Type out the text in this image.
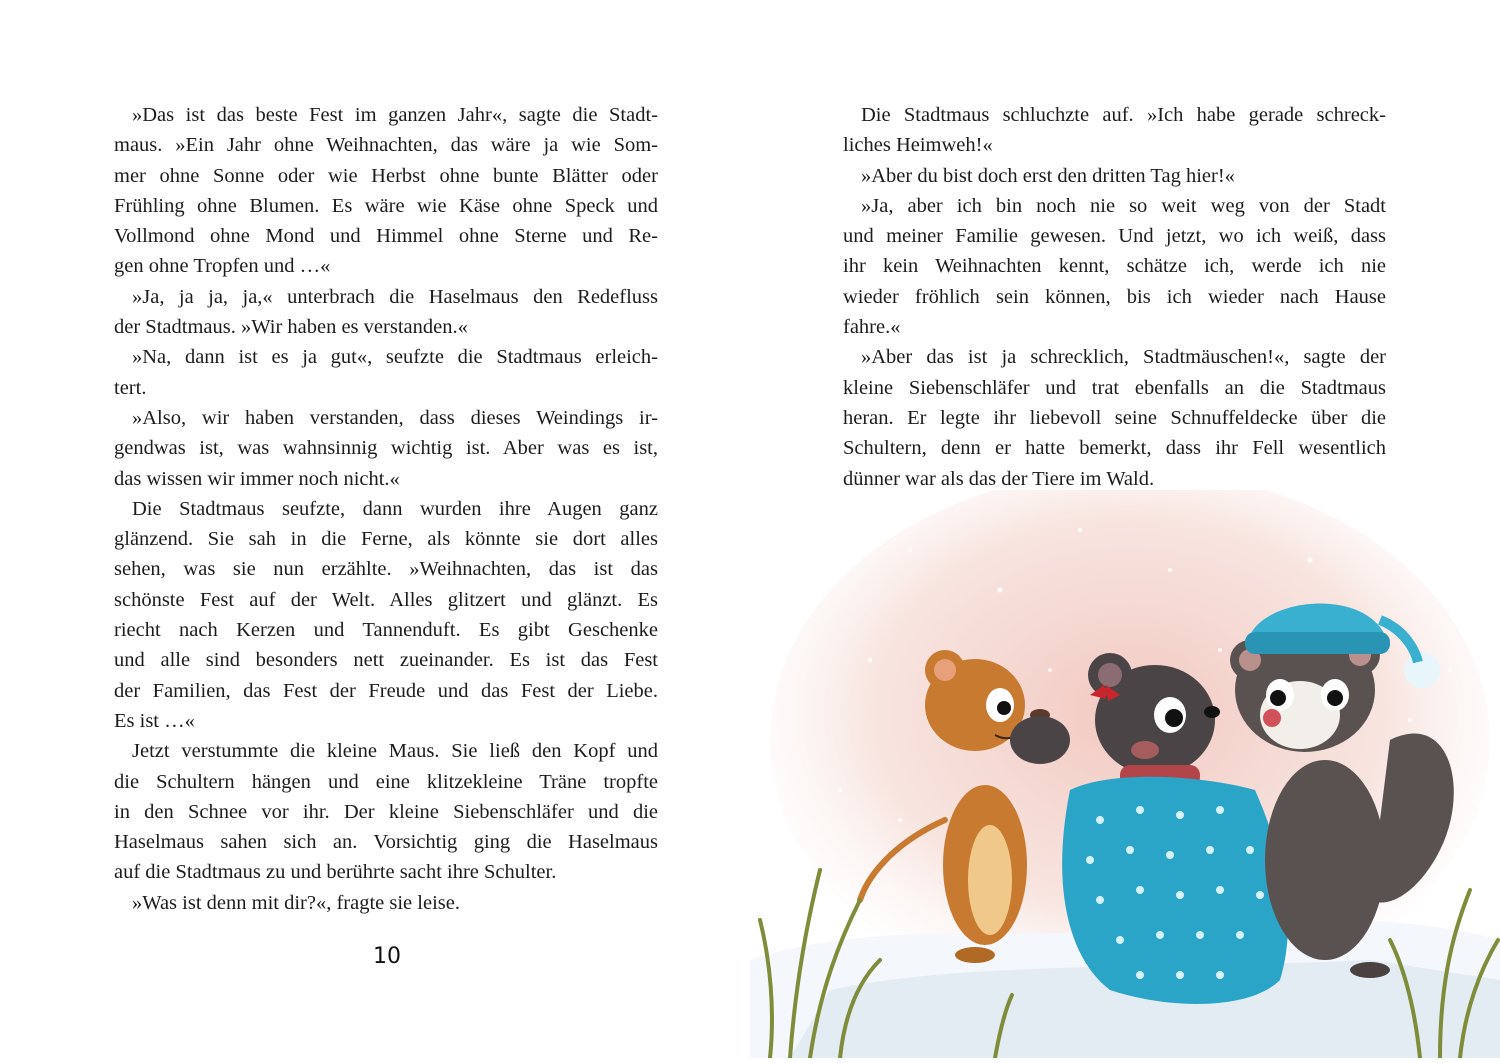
»Das ist das beste Fest im ganzen Jahr«, sagte die Stadt-
maus. »Ein Jahr ohne Weihnachten, das wäre ja wie Som-
mer ohne Sonne oder wie Herbst ohne bunte Blätter oder
Frühling ohne Blumen. Es wäre wie Käse ohne Speck und
Vollmond ohne Mond und Himmel ohne Sterne und Re-
gen ohne Tropfen und …«
»Ja, ja ja, ja,« unterbrach die Haselmaus den Redefluss
der Stadtmaus. »Wir haben es verstanden.«
»Na, dann ist es ja gut«, seufzte die Stadtmaus erleich-
tert.
»Also, wir haben verstanden, dass dieses Weindings ir-
gendwas ist, was wahnsinnig wichtig ist. Aber was es ist,
das wissen wir immer noch nicht.«
Die Stadtmaus seufzte, dann wurden ihre Augen ganz
glänzend. Sie sah in die Ferne, als könnte sie dort alles
sehen, was sie nun erzählte. »Weihnachten, das ist das
schönste Fest auf der Welt. Alles glitzert und glänzt. Es
riecht nach Kerzen und Tannenduft. Es gibt Geschenke
und alle sind besonders nett zueinander. Es ist das Fest
der Familien, das Fest der Freude und das Fest der Liebe.
Es ist …«
Jetzt verstummte die kleine Maus. Sie ließ den Kopf und
die Schultern hängen und eine klitzekleine Träne tropfte
in den Schnee vor ihr. Der kleine Siebenschläfer und die
Haselmaus sahen sich an. Vorsichtig ging die Haselmaus
auf die Stadtmaus zu und berührte sacht ihre Schulter.
»Was ist denn mit dir?«, fragte sie leise.
10
Die Stadtmaus schluchzte auf. »Ich habe gerade schreck-
liches Heimweh!«
»Aber du bist doch erst den dritten Tag hier!«
»Ja, aber ich bin noch nie so weit weg von der Stadt
und meiner Familie gewesen. Und jetzt, wo ich weiß, dass
ihr kein Weihnachten kennt, schätze ich, werde ich nie
wieder fröhlich sein können, bis ich wieder nach Hause
fahre.«
»Aber das ist ja schrecklich, Stadtmäuschen!«, sagte der
kleine Siebenschläfer und trat ebenfalls an die Stadtmaus
heran. Er legte ihr liebevoll seine Schnuffeldecke über die
Schultern, denn er hatte bemerkt, dass ihr Fell wesentlich
dünner war als das der Tiere im Wald.
